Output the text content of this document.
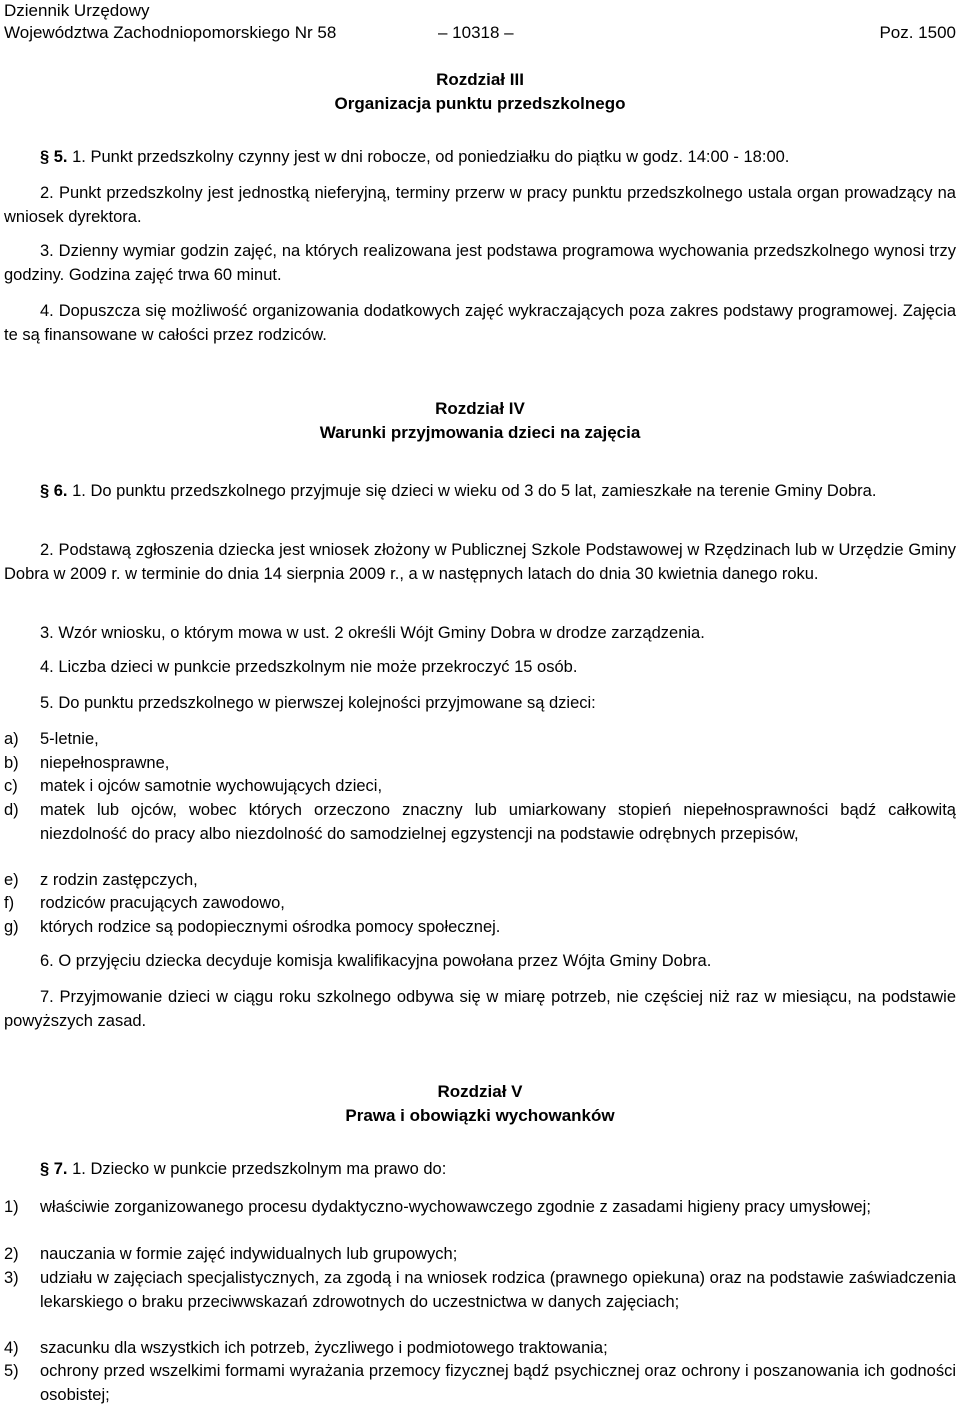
Dziennik Urzędowy
Województwa Zachodniopomorskiego Nr 58	– 10318 –	Poz. 1500
Rozdział III
Organizacja punktu przedszkolnego
§ 5. 1. Punkt przedszkolny czynny jest w dni robocze, od poniedziałku do piątku w godz. 14:00 - 18:00.
2. Punkt przedszkolny jest jednostką nieferyjną, terminy przerw w pracy punktu przedszkolnego ustala organ prowadzący na wniosek dyrektora.
3. Dzienny wymiar godzin zajęć, na których realizowana jest podstawa programowa wychowania przedszkolnego wynosi trzy godziny. Godzina zajęć trwa 60 minut.
4. Dopuszcza się możliwość organizowania dodatkowych zajęć wykraczających poza zakres podstawy programowej. Zajęcia te są finansowane w całości przez rodziców.
Rozdział IV
Warunki przyjmowania dzieci na zajęcia
§ 6. 1. Do punktu przedszkolnego przyjmuje się dzieci w wieku od 3 do 5 lat, zamieszkałe na terenie Gminy Dobra.
2. Podstawą zgłoszenia dziecka jest wniosek złożony w Publicznej Szkole Podstawowej w Rzędzinach lub w Urzędzie Gminy Dobra w 2009 r. w terminie do dnia 14 sierpnia 2009 r., a w następnych latach do dnia 30 kwietnia danego roku.
3. Wzór wniosku, o którym mowa w ust. 2 określi Wójt Gminy Dobra w drodze zarządzenia.
4. Liczba dzieci w punkcie przedszkolnym nie może przekroczyć 15 osób.
5. Do punktu przedszkolnego w pierwszej kolejności przyjmowane są dzieci:
a) 5-letnie,
b) niepełnosprawne,
c) matek i ojców samotnie wychowujących dzieci,
d) matek lub ojców, wobec których orzeczono znaczny lub umiarkowany stopień niepełnosprawności bądź całkowitą niezdolność do pracy albo niezdolność do samodzielnej egzystencji na podstawie odrębnych przepisów,
e) z rodzin zastępczych,
f) rodziców pracujących zawodowo,
g) których rodzice są podopiecznymi ośrodka pomocy społecznej.
6. O przyjęciu dziecka decyduje komisja kwalifikacyjna powołana przez Wójta Gminy Dobra.
7. Przyjmowanie dzieci w ciągu roku szkolnego odbywa się w miarę potrzeb, nie częściej niż raz w miesiącu, na podstawie powyższych zasad.
Rozdział V
Prawa i obowiązki wychowanków
§ 7. 1. Dziecko w punkcie przedszkolnym ma prawo do:
1) właściwie zorganizowanego procesu dydaktyczno-wychowawczego zgodnie z zasadami higieny pracy umysłowej;
2) nauczania w formie zajęć indywidualnych lub grupowych;
3) udziału w zajęciach specjalistycznych, za zgodą i na wniosek rodzica (prawnego opiekuna) oraz na podstawie zaświadczenia lekarskiego o braku przeciwwskazań zdrowotnych do uczestnictwa w danych zajęciach;
4) szacunku dla wszystkich ich potrzeb, życzliwego i podmiotowego traktowania;
5) ochrony przed wszelkimi formami wyrażania przemocy fizycznej bądź psychicznej oraz ochrony i poszanowania ich godności osobistej;
